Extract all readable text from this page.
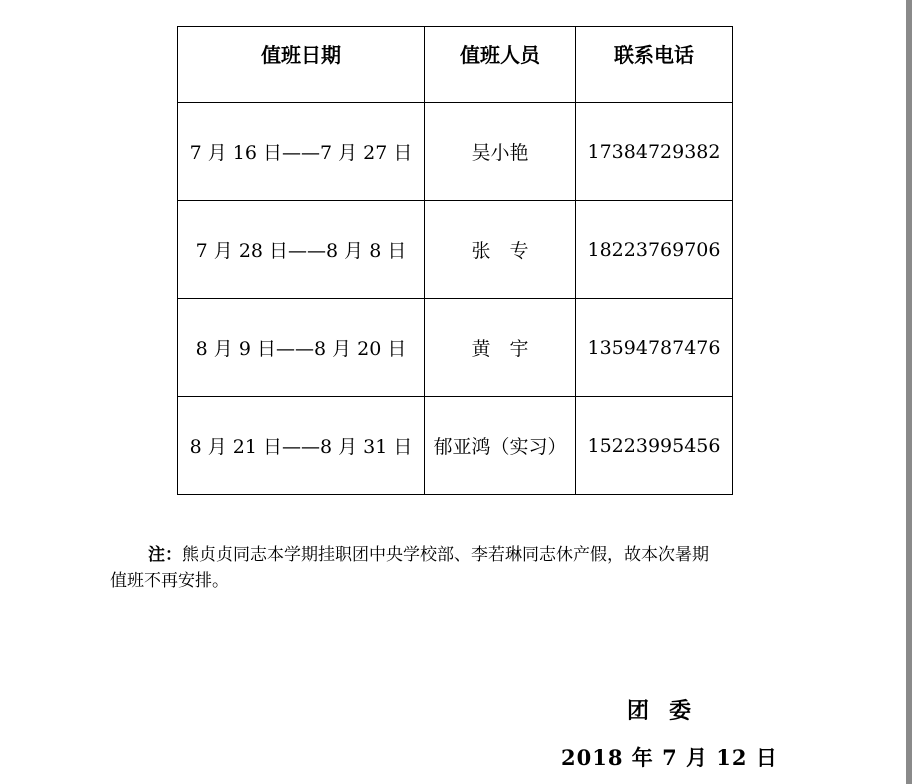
值班日期	值班人员	联系电话
7 月 16 日——7 月 27 日	吴小艳	17384729382
7 月 28 日——8 月 8 日	张　专	18223769706
8 月 9 日——8 月 20 日	黄　宇	13594787476
8 月 21 日——8 月 31 日	郁亚鸿（实习）	15223995456
注：熊贞贞同志本学期挂职团中央学校部、李若琳同志休产假，故本次暑期值班不再安排。
团委
2018 年 7 月 12 日
